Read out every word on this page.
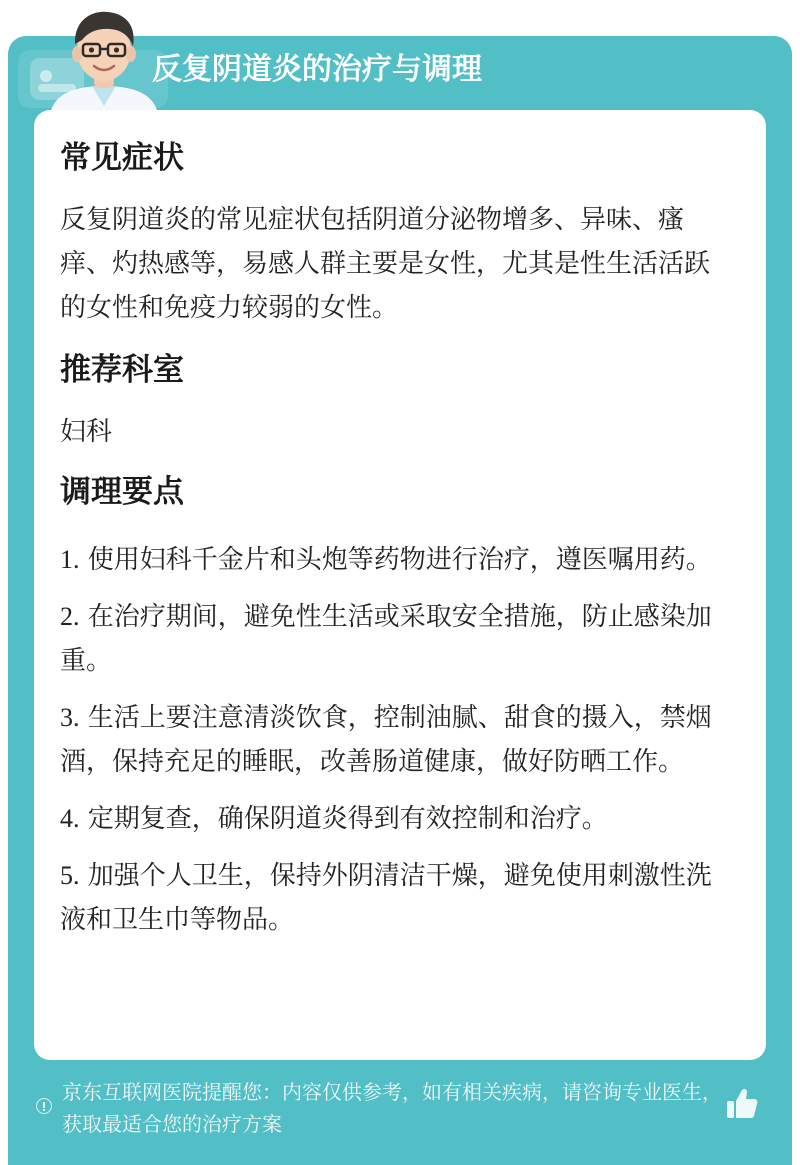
反复阴道炎的治疗与调理
常见症状

反复阴道炎的常见症状包括阴道分泌物增多、异味、瘙痒、灼热感等，易感人群主要是女性，尤其是性生活活跃的女性和免疫力较弱的女性。

推荐科室

妇科

调理要点

1. 使用妇科千金片和头炮等药物进行治疗，遵医嘱用药。

2. 在治疗期间，避免性生活或采取安全措施，防止感染加重。

3. 生活上要注意清淡饮食，控制油腻、甜食的摄入，禁烟酒，保持充足的睡眠，改善肠道健康，做好防晒工作。

4. 定期复查，确保阴道炎得到有效控制和治疗。

5. 加强个人卫生，保持外阴清洁干燥，避免使用刺激性洗液和卫生巾等物品。

京东互联网医院提醒您：内容仅供参考，如有相关疾病，请咨询专业医生，获取最适合您的治疗方案
